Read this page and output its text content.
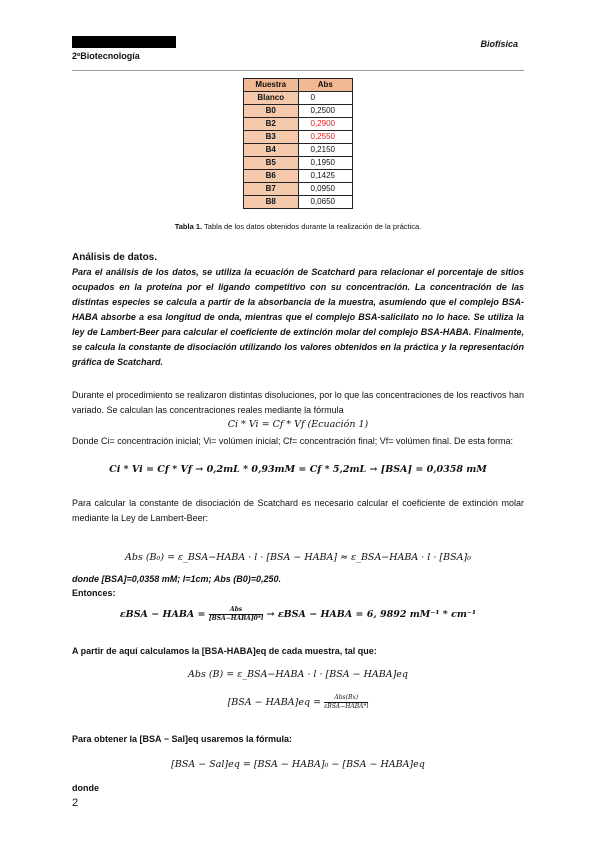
2ºBiotecnología
Biofísica
Muestra	Abs
Blanco	0
B0	0,2500
B2	0,2900
B3	0,2550
B4	0,2150
B5	0,1950
B6	0,1425
B7	0,0950
B8	0,0650
Tabla 1. Tabla de los datos obtenidos durante la realización de la práctica.
Análisis de datos.

Para el análisis de los datos, se utiliza la ecuación de Scatchard para relacionar el porcentaje de sitios ocupados en la proteína por el ligando competitivo con su concentración. La concentración de las distintas especies se calcula a partir de la absorbancia de la muestra, asumiendo que el complejo BSA-HABA absorbe a esa longitud de onda, mientras que el complejo BSA-salicilato no lo hace. Se utiliza la ley de Lambert-Beer para calcular el coeficiente de extinción molar del complejo BSA-HABA. Finalmente, se calcula la constante de disociación utilizando los valores obtenidos en la práctica y la representación gráfica de Scatchard.

Durante el procedimiento se realizaron distintas disoluciones, por lo que las concentraciones de los reactivos han variado. Se calculan las concentraciones reales mediante la fórmula

Ci * Vi = Cf * Vf (Ecuación 1)

Donde Ci= concentración inicial; Vi= volúmen inicial; Cf= concentración final; Vf= volúmen final. De esta forma:

Ci * Vi = Cf * Vf → 0,2mL * 0,93mM = Cf * 5,2mL → [BSA] = 0,0358 mM

Para calcular la constante de disociación de Scatchard es necesario calcular el coeficiente de extinción molar mediante la Ley de Lambert-Beer:

Abs (B₀) = ε_BSA−HABA · l · [BSA − HABA] ≈ ε_BSA−HABA · l · [BSA]₀
donde [BSA]=0,0358 mM; l=1cm; Abs (B0)=0,250.
Entonces:
εBSA − HABA = $\frac{\text{Abs}}{\text{[BSA−HABA]0*l}} \to \varepsilon BSA$ − HABA = 6, 9892 mM⁻¹ * cm⁻¹
A partir de aquí calculamos la [BSA-HABA]eq de cada muestra, tal que:
Abs (B) = ε_BSA−HABA · l · [BSA − HABA]eq
[BSA − HABA]eq = $\frac{\text{Abs(Bx)}}{\text{εBSA−HABA*l}}$
Para obtener la [BSA − Sal]eq usaremos la fórmula:
[BSA − Sal]eq = [BSA − HABA]₀ − [BSA − HABA]eq
donde
2
